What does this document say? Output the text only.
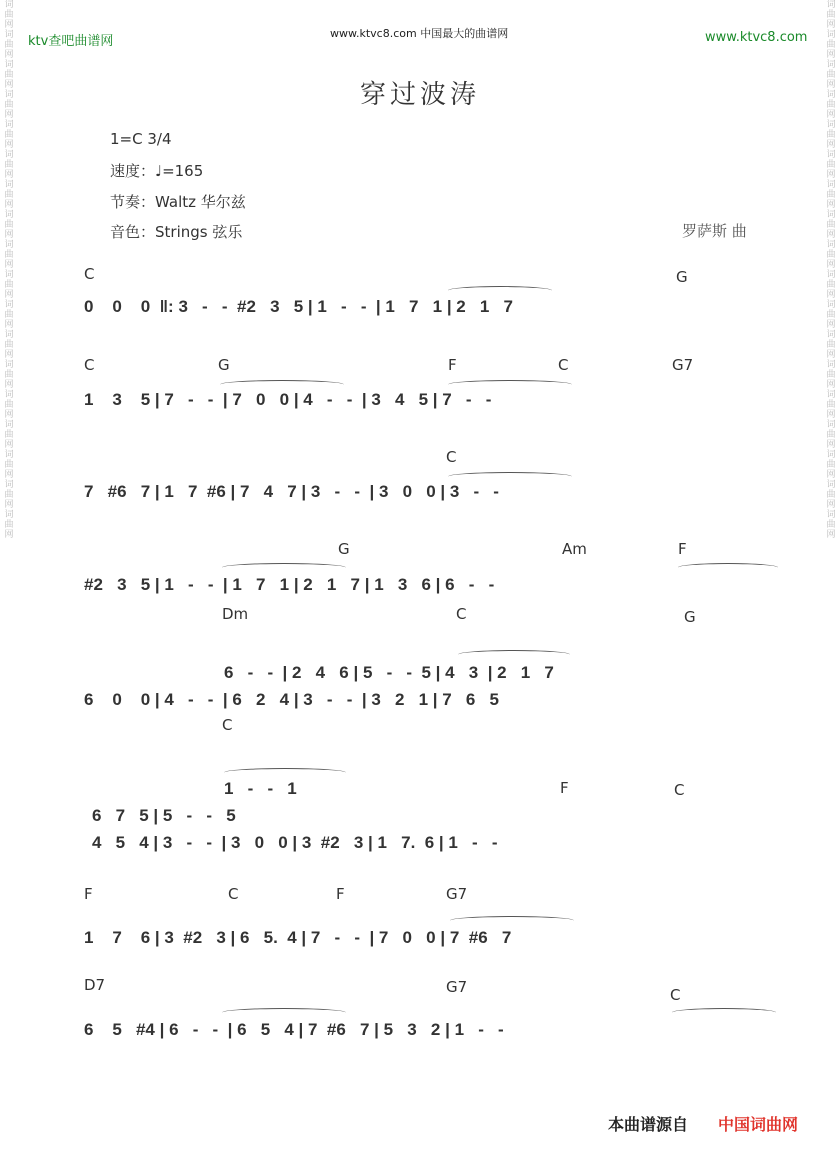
词曲网
词曲网
词曲网
词曲网
词曲网
词曲网
词曲网
词曲网
词曲网
词曲网
词曲网
词曲网
词曲网
词曲网
词曲网
词曲网
词曲网
词曲网
词曲网
词曲网
词曲网
词曲网
词曲网
词曲网
词曲网
词曲网
词曲网
词曲网
词曲网
词曲网
词曲网
词曲网
词曲网
词曲网
词曲网
词曲网
ktv查吧曲谱网
www.ktvc8.com 中国最大的曲谱网	www.ktvc8.com
穿过波涛
1=C 3/4
速度：♩=165
节奏：Waltz 华尔兹
音色：Strings 弦乐	罗萨斯 曲
C	G
0    0    0  ‖: 3   -   -  #2   3   5 | 1   -   -  | 1   7   1 | 2   1   7
C	G	F	C	G7
1    3    5 | 7   -   -  | 7   0   0 | 4   -   -  | 3   4   5 | 7   -   -
C
7   #6   7 | 1   7  #6 | 7   4   7 | 3   -   -  | 3   0   0 | 3   -   -
G	Am	F
#2   3   5 | 1   -   -  | 1   7   1 | 2   1   7 | 1   3   6 | 6   -   -
Dm	C	G
6   -   -  | 2   4   6 | 5   -   -  5 | 4   3  | 2   1   7
6    0    0 | 4   -   -  | 6   2   4 | 3   -   -  | 3   2   1 | 7   6   5
C
F	C
1   -   -   1
6   7   5 | 5   -   -   5
4   5   4 | 3   -   -  | 3   0   0 | 3  #2   3 | 1   7.  6 | 1   -   -
F	C	F	G7
1    7    6 | 3  #2   3 | 6   5.  4 | 7   -   -  | 7   0   0 | 7  #6   7
D7	G7	C
6    5   #4 | 6   -   -  | 6   5   4 | 7  #6   7 | 5   3   2 | 1   -   -
本曲谱源自 中国词曲网
